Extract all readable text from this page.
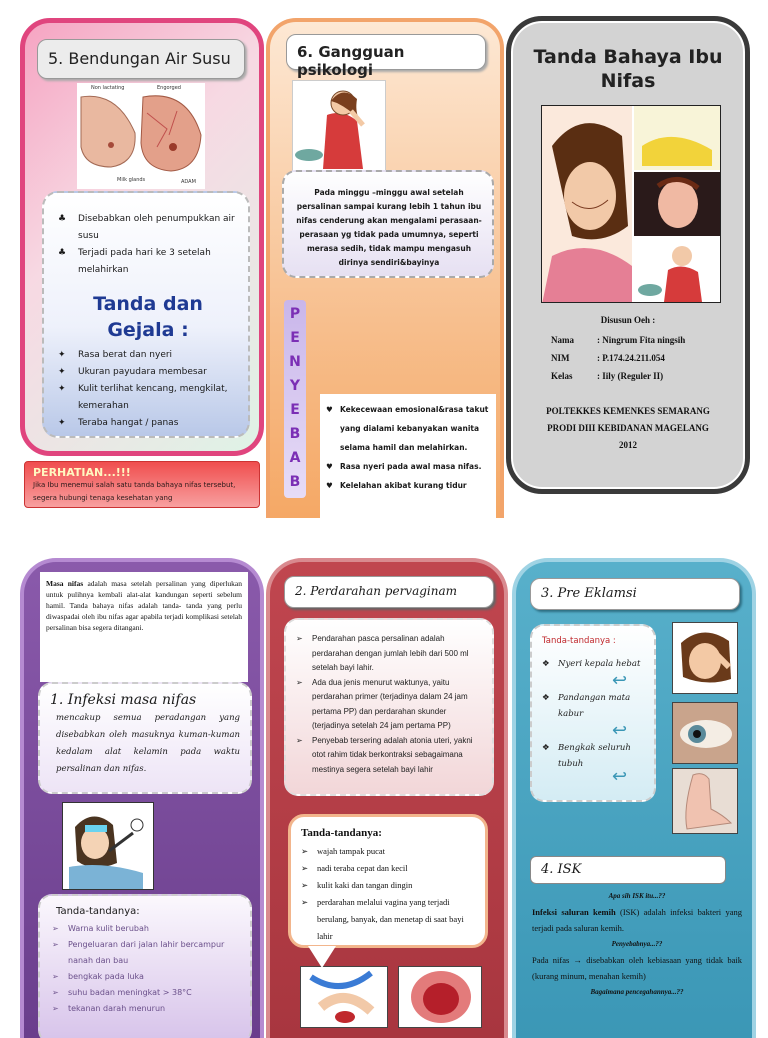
5. Bendungan Air Susu
Non lactating	Engorged
Milk glands	ADAM
♣ Disebabkan oleh penumpukkan air susu
♣ Terjadi pada hari ke 3 setelah melahirkan
Tanda dan
Gejala :
✦ Rasa berat dan nyeri
✦ Ukuran payudara membesar
✦ Kulit terlihat kencang, mengkilat, kemerahan
✦ Teraba hangat / panas
PERHATIAN...!!!
Jika Ibu menemui salah satu tanda bahaya nifas tersebut, segera hubungi tenaga kesehatan yang
6. Gangguan psikologi
Pada minggu –minggu awal setelah persalinan sampai kurang lebih 1 tahun ibu nifas cenderung akan mengalami perasaan-perasaan yg tidak pada umumnya, seperti merasa sedih, tidak mampu mengasuh dirinya sendiri&bayinya
P
E
N
Y
E
B
A
B
♥ Kekecewaan emosional&rasa takut yang dialami kebanyakan wanita selama hamil dan melahirkan.
♥ Rasa nyeri pada awal masa nifas.
♥ Kelelahan akibat kurang tidur
Tanda Bahaya Ibu
Nifas
Disusun Oeh :
Nama	: Ningrum Fita ningsih
NIM	: P.174.24.211.054
Kelas	: Iily (Reguler II)
POLTEKKES KEMENKES SEMARANG
PRODI DIII KEBIDANAN MAGELANG
2012
Masa nifas adalah masa setelah persalinan yang diperlukan untuk pulihnya kembali alat-alat kandungan seperti sebelum hamil. Tanda bahaya nifas adalah tanda- tanda yang perlu diwaspadai oleh ibu nifas agar apabila terjadi komplikasi setelah persalinan bisa segera ditangani.
1. Infeksi masa nifas
mencakup semua peradangan yang disebabkan oleh masuknya kuman-kuman kedalam alat kelamin pada waktu persalinan dan nifas.
Tanda-tandanya:
➢ Warna kulit berubah
➢ Pengeluaran dari jalan lahir bercampur nanah dan bau
➢ bengkak pada luka
➢ suhu badan meningkat > 38°C
➢ tekanan darah menurun
2. Perdarahan pervaginam
➢ Pendarahan pasca persalinan adalah perdarahan dengan jumlah lebih dari 500 ml setelah bayi lahir.
➢ Ada dua jenis menurut waktunya, yaitu perdarahan primer (terjadinya dalam 24 jam pertama PP) dan perdarahan skunder (terjadinya setelah 24 jam pertama PP)
➢ Penyebab tersering adalah atonia uteri, yakni otot rahim tidak berkontraksi sebagaimana mestinya segera setelah bayi lahir
Tanda-tandanya:
➢ wajah tampak pucat
➢ nadi teraba cepat dan kecil
➢ kulit kaki dan tangan dingin
➢ perdarahan melalui vagina yang terjadi berulang, banyak, dan menetap di saat bayi lahir
3. Pre Eklamsi
Tanda-tandanya :
❖ Nyeri kepala hebat
❖ Pandangan mata kabur
❖ Bengkak seluruh tubuh
↩
↩
↩
4. ISK
Apa sih ISK itu...??
Infeksi saluran kemih (ISK) adalah infeksi bakteri yang terjadi pada saluran kemih.
Penyebabnya...??
Pada nifas → disebabkan oleh kebiasaan yang tidak baik (kurang minum, menahan kemih)
Bagaimana pencegahannya...??
